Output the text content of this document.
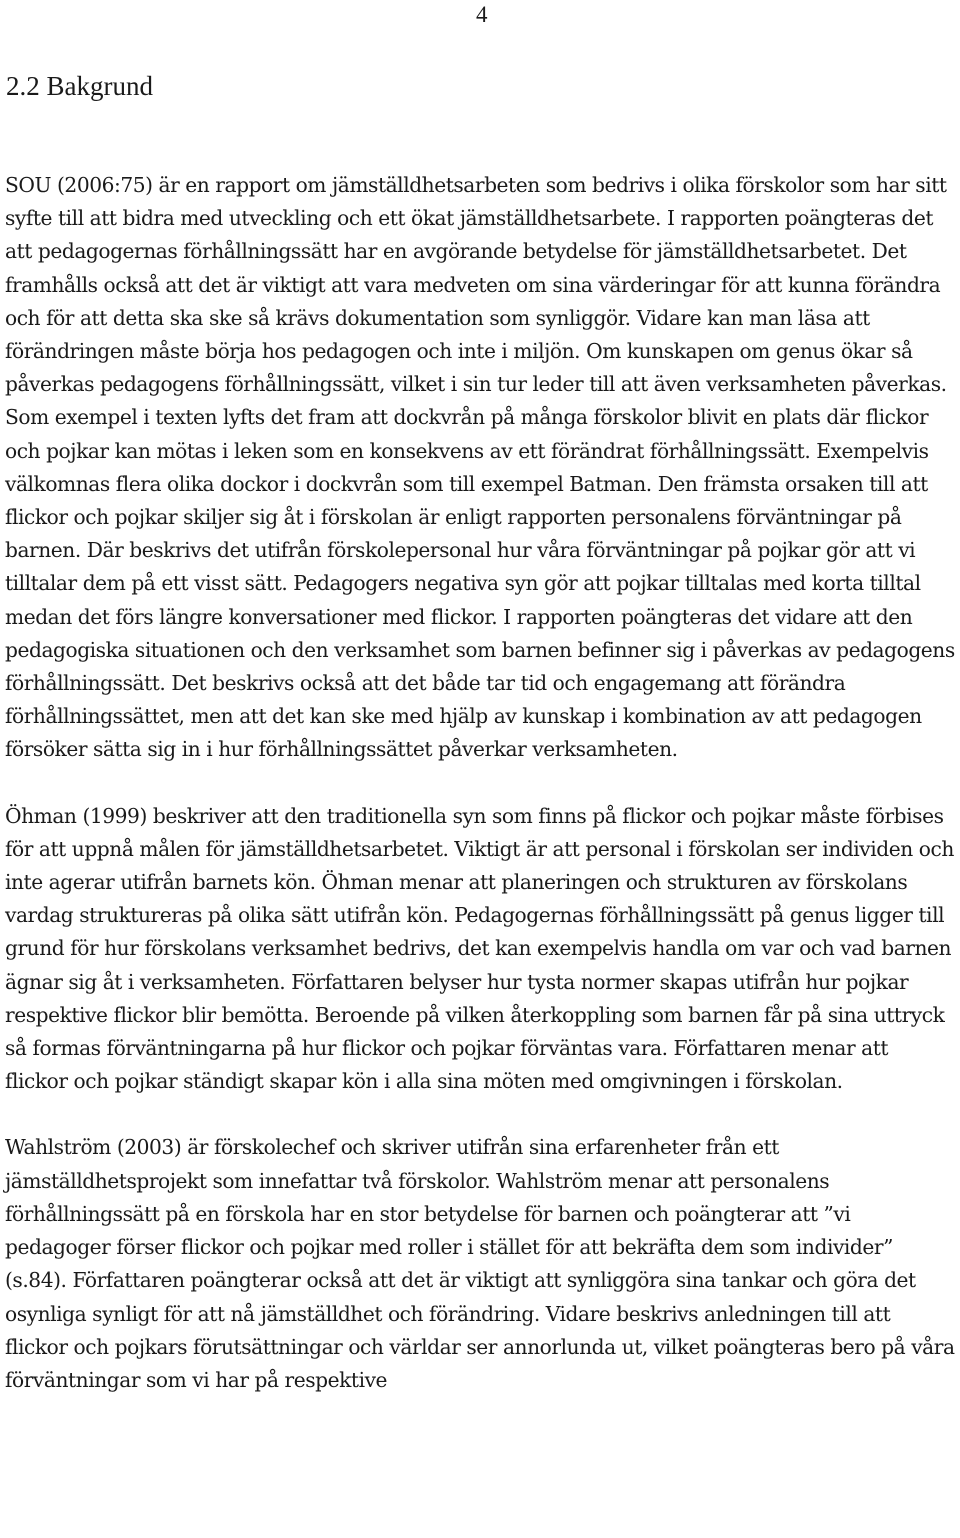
4
2.2 Bakgrund

SOU (2006:75) är en rapport om jämställdhetsarbeten som bedrivs i olika förskolor som har sitt syfte till att bidra med utveckling och ett ökat jämställdhetsarbete. I rapporten poängteras det att pedagogernas förhållningssätt har en avgörande betydelse för jämställdhetsarbetet. Det framhålls också att det är viktigt att vara medveten om sina värderingar för att kunna förändra och för att detta ska ske så krävs dokumentation som synliggör. Vidare kan man läsa att förändringen måste börja hos pedagogen och inte i miljön. Om kunskapen om genus ökar så påverkas pedagogens förhållningssätt, vilket i sin tur leder till att även verksamheten påverkas. Som exempel i texten lyfts det fram att dockvrån på många förskolor blivit en plats där flickor och pojkar kan mötas i leken som en konsekvens av ett förändrat förhållningssätt. Exempelvis välkomnas flera olika dockor i dockvrån som till exempel Batman. Den främsta orsaken till att flickor och pojkar skiljer sig åt i förskolan är enligt rapporten personalens förväntningar på barnen. Där beskrivs det utifrån förskolepersonal hur våra förväntningar på pojkar gör att vi tilltalar dem på ett visst sätt. Pedagogers negativa syn gör att pojkar tilltalas med korta tilltal medan det förs längre konversationer med flickor. I rapporten poängteras det vidare att den pedagogiska situationen och den verksamhet som barnen befinner sig i påverkas av pedagogens förhållningssätt. Det beskrivs också att det både tar tid och engagemang att förändra förhållningssättet, men att det kan ske med hjälp av kunskap i kombination av att pedagogen försöker sätta sig in i hur förhållningssättet påverkar verksamheten.

Öhman (1999) beskriver att den traditionella syn som finns på flickor och pojkar måste förbises för att uppnå målen för jämställdhetsarbetet. Viktigt är att personal i förskolan ser individen och inte agerar utifrån barnets kön. Öhman menar att planeringen och strukturen av förskolans vardag struktureras på olika sätt utifrån kön. Pedagogernas förhållningssätt på genus ligger till grund för hur förskolans verksamhet bedrivs, det kan exempelvis handla om var och vad barnen ägnar sig åt i verksamheten. Författaren belyser hur tysta normer skapas utifrån hur pojkar respektive flickor blir bemötta. Beroende på vilken återkoppling som barnen får på sina uttryck så formas förväntningarna på hur flickor och pojkar förväntas vara. Författaren menar att flickor och pojkar ständigt skapar kön i alla sina möten med omgivningen i förskolan.

Wahlström (2003) är förskolechef och skriver utifrån sina erfarenheter från ett jämställdhetsprojekt som innefattar två förskolor. Wahlström menar att personalens förhållningssätt på en förskola har en stor betydelse för barnen och poängterar att ”vi pedagoger förser flickor och pojkar med roller i stället för att bekräfta dem som individer” (s.84). Författaren poängterar också att det är viktigt att synliggöra sina tankar och göra det osynliga synligt för att nå jämställdhet och förändring. Vidare beskrivs anledningen till att flickor och pojkars förutsättningar och världar ser annorlunda ut, vilket poängteras bero på våra förväntningar som vi har på respektive
